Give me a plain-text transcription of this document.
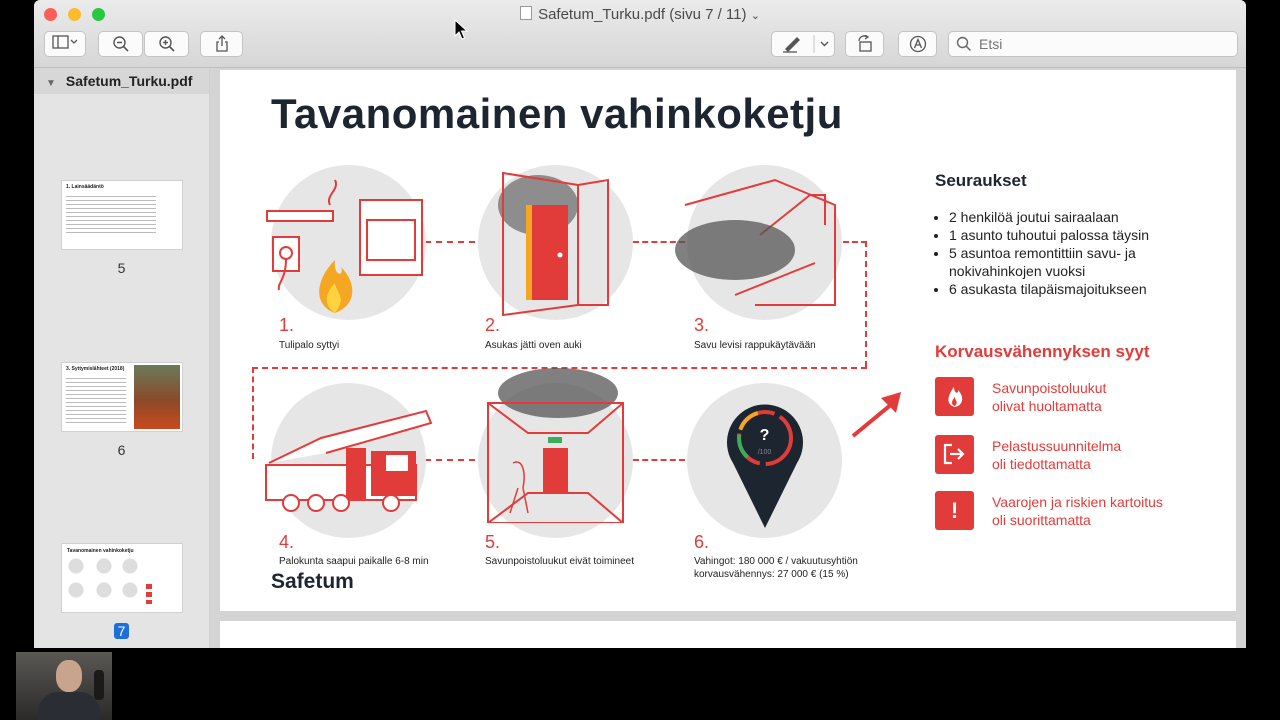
Safetum_Turku.pdf (sivu 7 / 11) ⌄
Etsi
▼ Safetum_Turku.pdf
1. Lainsäädäntö
5
3. Syttymislähteet (2018)
6
Tavanomainen vahinkoketju
7
Tavanomainen vahinkoketju
1.
Tulipalo syttyi
2.
Asukas jätti oven auki
3.
Savu levisi rappukäytävään
?
/100
4.
Palokunta saapui paikalle 6-8 min
5.
Savunpoistoluukut eivät toimineet
6.
Vahingot: 180 000 € / vakuutusyhtiön
korvausvähennys: 27 000 € (15 %)
Safetum
Seuraukset
• 2 henkilöä joutui sairaalaan
• 1 asunto tuhoutui palossa täysin
• 5 asuntoa remontittiin savu- ja
nokivahinkojen vuoksi
• 6 asukasta tilapäismajoitukseen
Korvausvähennyksen syyt
Savunpoistoluukut
olivat huoltamatta
Pelastussuunnitelma
oli tiedottamatta
!	Vaarojen ja riskien kartoitus
oli suorittamatta
